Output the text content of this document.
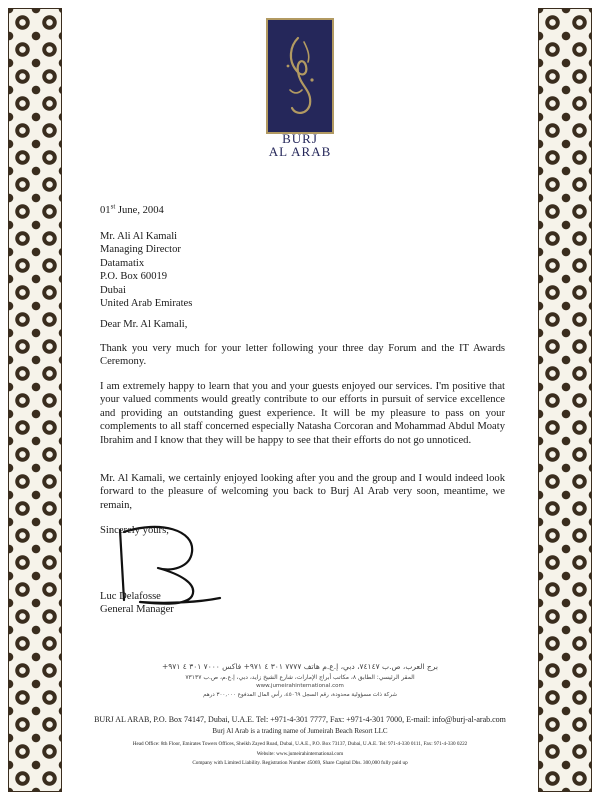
BURJ
AL ARAB
01st June, 2004
Mr. Ali Al Kamali
Managing Director
Datamatix
P.O. Box 60019
Dubai
United Arab Emirates
Dear Mr. Al Kamali,
Thank you very much for your letter following your three day Forum and the IT Awards Ceremony.
I am extremely happy to learn that you and your guests enjoyed our services. I'm positive that your valued comments would greatly contribute to our efforts in pursuit of service excellence and providing an outstanding guest experience. It will be my pleasure to pass on your complements to all staff concerned especially Natasha Corcoran and Mohammad Abdul Moaty Ibrahim and I know that they will be happy to see that their efforts do not go unnoticed.
Mr. Al Kamali, we certainly enjoyed looking after you and the group and I would indeed look forward to the pleasure of welcoming you back to Burj Al Arab very soon, meantime, we remain,
Sincerely yours,
Luc Delafosse
General Manager
برج العرب، ص.ب ٧٤١٤٧، دبي، إ.ع.م هاتف ٧٧٧٧ ٣٠١ ٤ ٩٧١+ فاكس ٧٠٠٠ ٣٠١ ٤ ٩٧١+
المقر الرئيسي: الطابق ٨، مكاتب أبراج الإمارات، شارع الشيخ زايد، دبي، إ.ع.م، ص.ب ٧٣١٣٧
www.jumeirahinternational.com
شركة ذات مسؤولية محدودة، رقم السجل ٤٥٠٦٩، رأس المال المدفوع ٣٠٠,٠٠٠ درهم
BURJ AL ARAB, P.O. Box 74147, Dubai, U.A.E. Tel: +971-4-301 7777, Fax: +971-4-301 7000, E-mail: info@burj-al-arab.com
Burj Al Arab is a trading name of Jumeirah Beach Resort LLC
Head Office: 8th Floor, Emirates Towers Offices, Sheikh Zayed Road, Dubai, U.A.E., P.O. Box 73137, Dubai, U.A.E. Tel: 971-4-330 0111, Fax: 971-4-330 0222
Website: www.jumeirahinternational.com
Company with Limited Liability. Registration Number 45069, Share Capital Dhs. 300,000 fully paid up
